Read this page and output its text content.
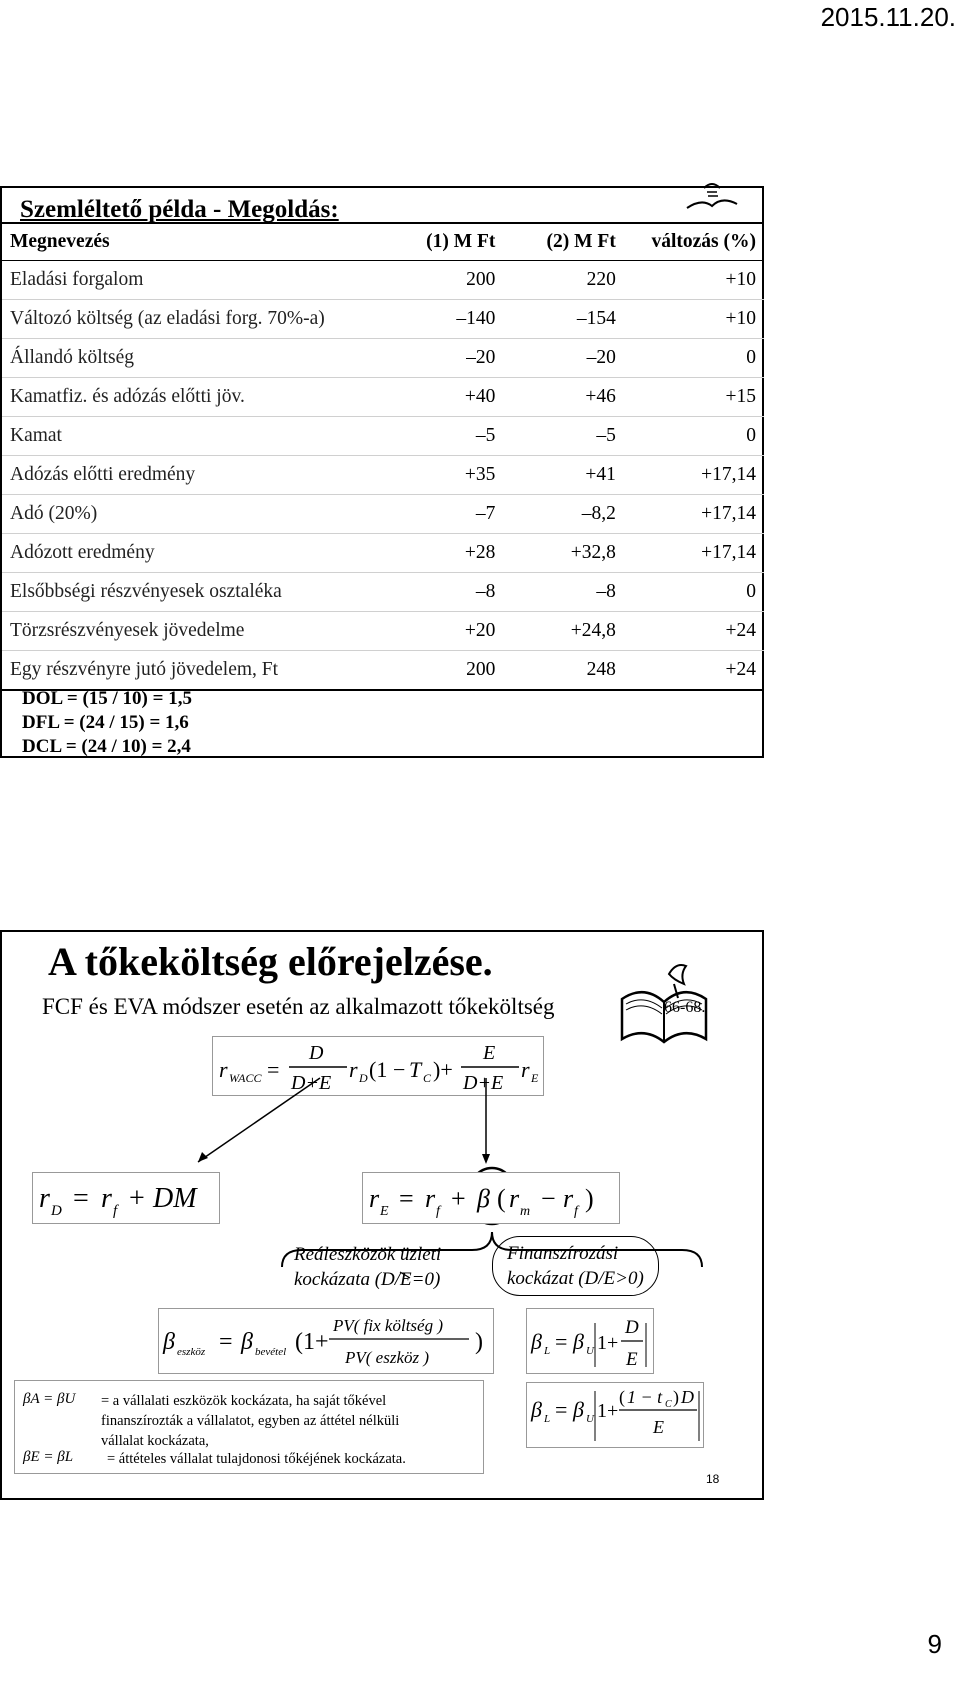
2015.11.20.
Szemléltető példa - Megoldás:
Megnevezés	(1) M Ft	(2) M Ft	változás (%)
Eladási forgalom	200	220	+10
Változó költség (az eladási forg. 70%-a)	–140	–154	+10
Állandó költség	–20	–20	0
Kamatfiz. és adózás előtti jöv.	+40	+46	+15
Kamat	–5	–5	0
Adózás előtti eredmény	+35	+41	+17,14
Adó (20%)	–7	–8,2	+17,14
Adózott eredmény	+28	+32,8	+17,14
Elsőbbségi részvényesek osztaléka	–8	–8	0
Törzsrészvényesek jövedelme	+20	+24,8	+24
Egy részvényre jutó jövedelem, Ft	200	248	+24
DOL = (15 / 10) = 1,5
DFL = (24 / 15) = 1,6
DCL = (24 / 10) = 2,4
A tőkeköltség előrejelzése.
FCF és EVA módszer esetén az alkalmazott tőkeköltség	66-68.
r WACC =
D
D+E
r D (1 − T C )+
E
D+E
r E
r D = r f + DM	r E = r f + β ( r m − r f )
Reáleszközök üzleti
kockázata (D/E=0)
Finanszírozási
kockázat (D/E>0)
β eszköz = β bevétel (1+
PV( fix költség )
PV( eszköz )
) β L = β U 1+
D
E
β L = β U 1+
( 1 − t C ) D
E
βA = βU = a vállalati eszközök kockázata, ha saját tőkével
finanszírozták a vállalatot, egyben az áttétel nélküli
vállalat kockázata,
βE = βL = áttételes vállalat tulajdonosi tőkéjének kockázata.
18
9
